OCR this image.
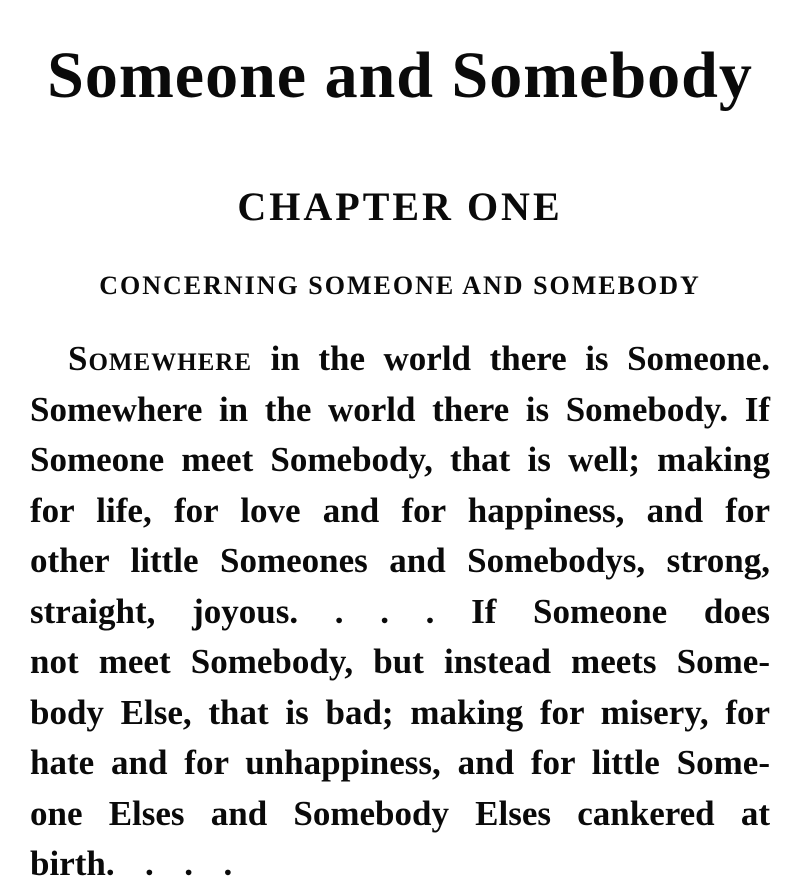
Someone and Somebody
CHAPTER ONE
CONCERNING SOMEONE AND SOMEBODY
Somewhere in the world there is Someone.
Somewhere in the world there is Somebody. If
Someone meet Somebody, that is well; making
for life, for love and for happiness, and for
other little Someones and Somebodys, strong,
straight, joyous. . . . If Someone does
not meet Somebody, but instead meets Some-
body Else, that is bad; making for misery, for
hate and for unhappiness, and for little Some-
one Elses and Somebody Elses cankered at
birth. . . .
